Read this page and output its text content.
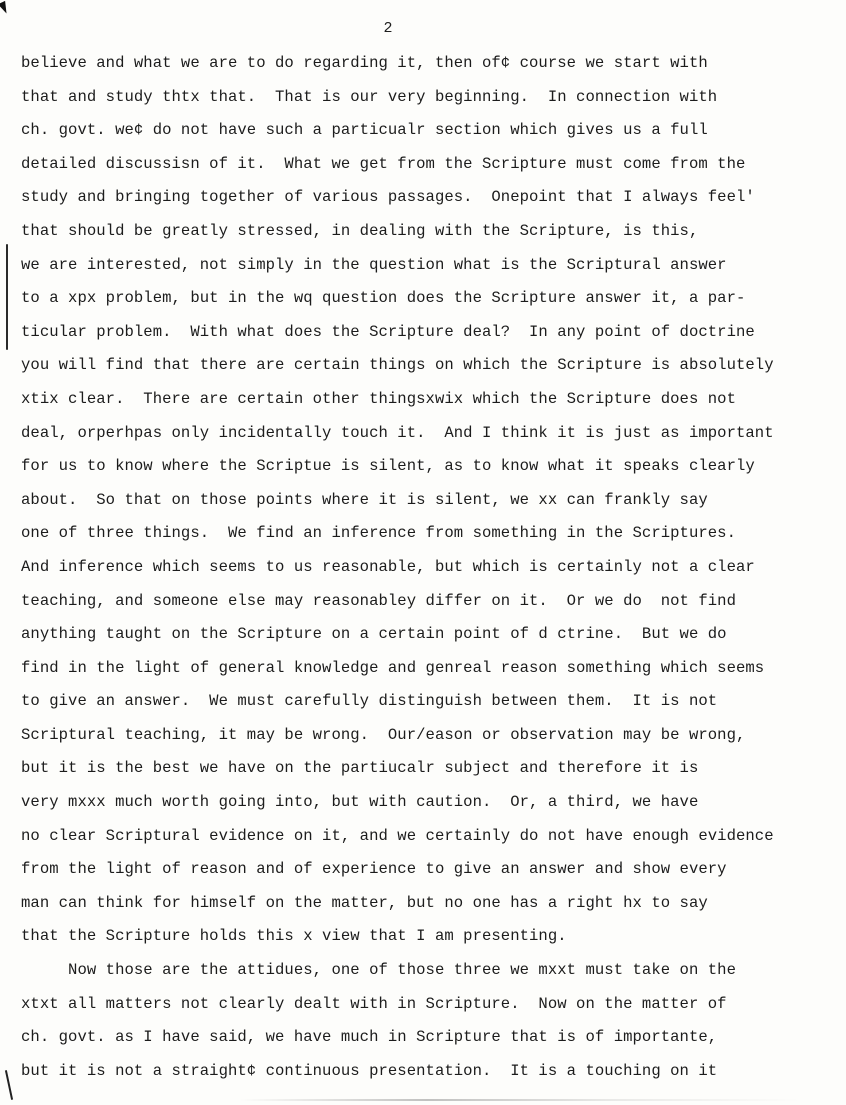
2
believe and what we are to do regarding it, then of¢ course we start with
that and study thtx that.  That is our very beginning.  In connection with
ch. govt. we¢ do not have such a particualr section which gives us a full
detailed discussisn of it.  What we get from the Scripture must come from the
study and bringing together of various passages.  Onepoint that I always feel'
that should be greatly stressed, in dealing with the Scripture, is this,
we are interested, not simply in the question what is the Scriptural answer
to a xpx problem, but in the wq question does the Scripture answer it, a par-
ticular problem.  With what does the Scripture deal?  In any point of doctrine
you will find that there are certain things on which the Scripture is absolutely
xtix clear.  There are certain other thingsxwix which the Scripture does not
deal, orperhpas only incidentally touch it.  And I think it is just as important
for us to know where the Scriptue is silent, as to know what it speaks clearly
about.  So that on those points where it is silent, we xx can frankly say
one of three things.  We find an inference from something in the Scriptures.
And inference which seems to us reasonable, but which is certainly not a clear
teaching, and someone else may reasonabley differ on it.  Or we do  not find
anything taught on the Scripture on a certain point of d ctrine.  But we do
find in the light of general knowledge and genreal reason something which seems
to give an answer.  We must carefully distinguish between them.  It is not
Scriptural teaching, it may be wrong.  Our/eason or observation may be wrong,
but it is the best we have on the partiucalr subject and therefore it is
very mxxx much worth going into, but with caution.  Or, a third, we have
no clear Scriptural evidence on it, and we certainly do not have enough evidence
from the light of reason and of experience to give an answer and show every
man can think for himself on the matter, but no one has a right hx to say
that the Scripture holds this x view that I am presenting.
Now those are the attidues, one of those three we mxxt must take on the
xtxt all matters not clearly dealt with in Scripture.  Now on the matter of
ch. govt. as I have said, we have much in Scripture that is of importante,
but it is not a straight¢ continuous presentation.  It is a touching on it
